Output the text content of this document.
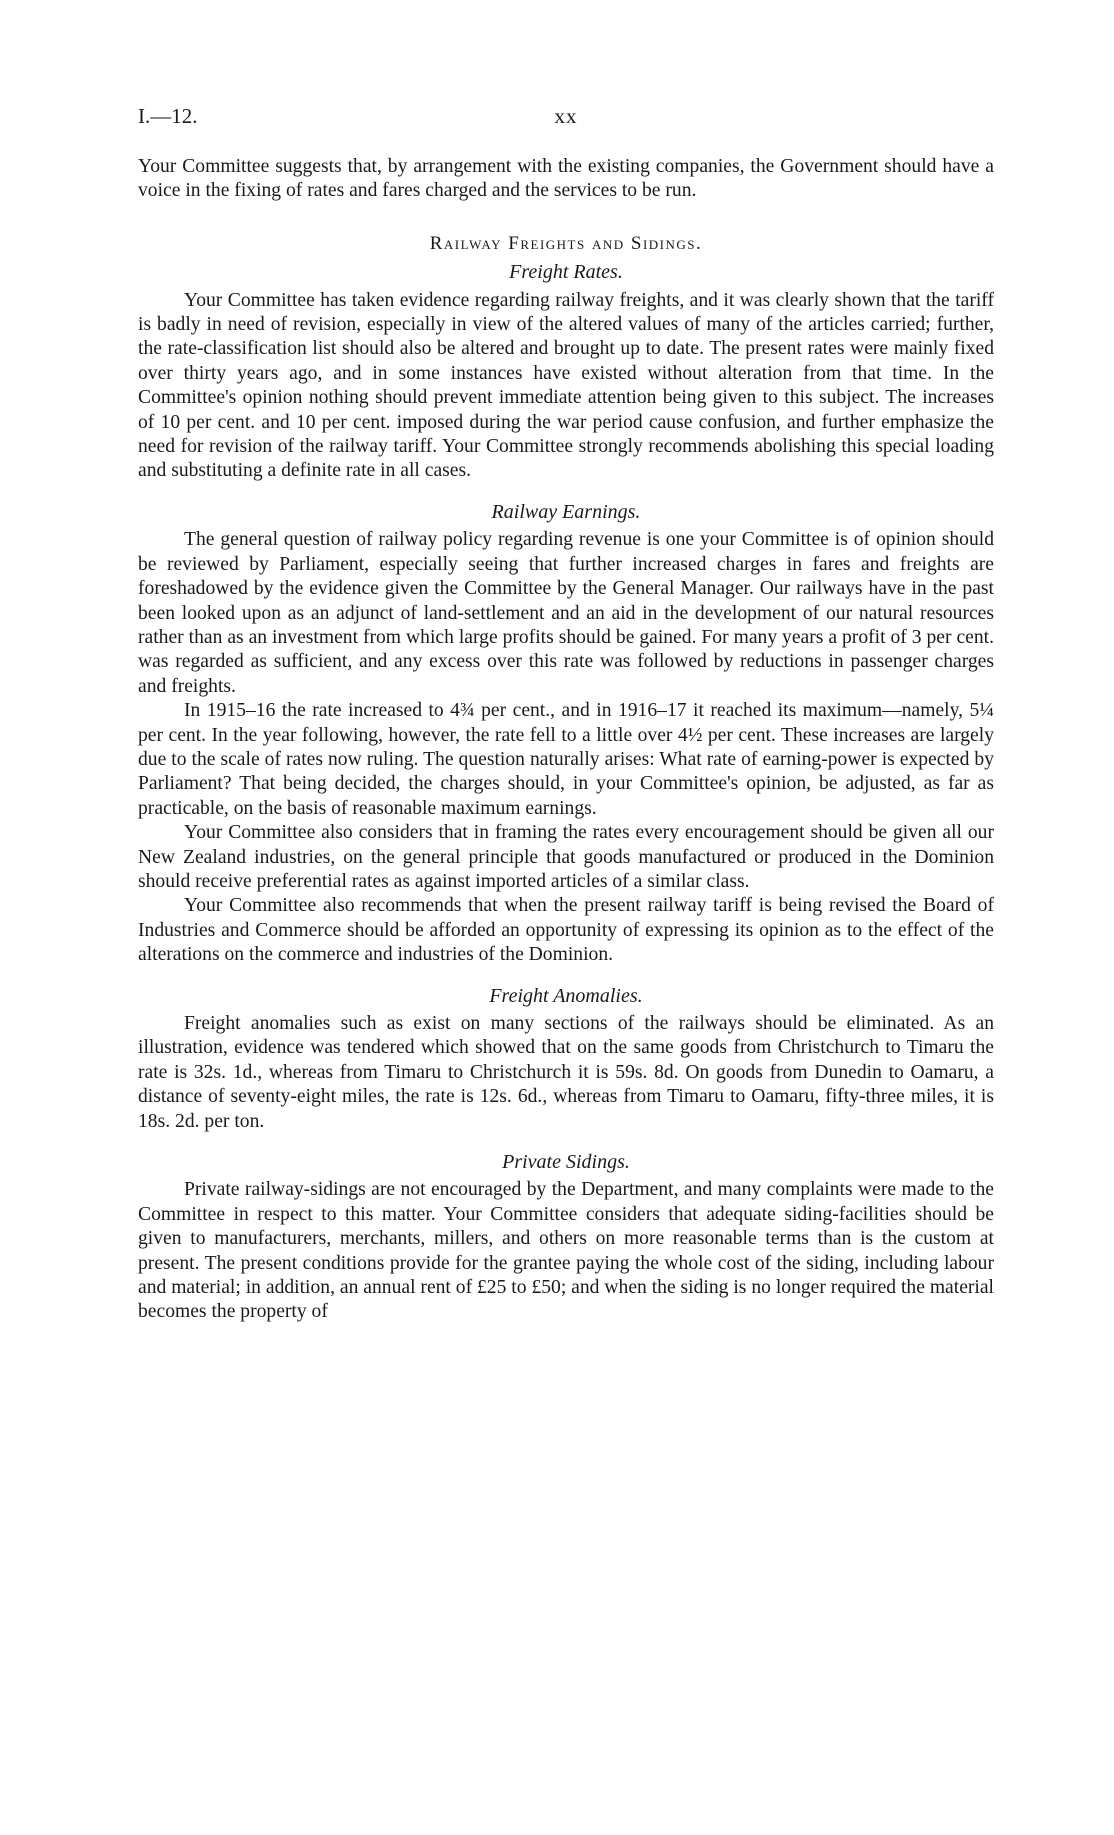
I.—12.	xx

Your Committee suggests that, by arrangement with the existing companies, the Government should have a voice in the fixing of rates and fares charged and the services to be run.

Railway Freights and Sidings.
Freight Rates.

Your Committee has taken evidence regarding railway freights, and it was clearly shown that the tariff is badly in need of revision, especially in view of the altered values of many of the articles carried; further, the rate-classification list should also be altered and brought up to date. The present rates were mainly fixed over thirty years ago, and in some instances have existed without alteration from that time. In the Committee's opinion nothing should prevent immediate attention being given to this subject. The increases of 10 per cent. and 10 per cent. imposed during the war period cause confusion, and further emphasize the need for revision of the railway tariff. Your Committee strongly recommends abolishing this special loading and substituting a definite rate in all cases.

Railway Earnings.

The general question of railway policy regarding revenue is one your Committee is of opinion should be reviewed by Parliament, especially seeing that further increased charges in fares and freights are foreshadowed by the evidence given the Committee by the General Manager. Our railways have in the past been looked upon as an adjunct of land-settlement and an aid in the development of our natural resources rather than as an investment from which large profits should be gained. For many years a profit of 3 per cent. was regarded as sufficient, and any excess over this rate was followed by reductions in passenger charges and freights.

In 1915–16 the rate increased to 4¾ per cent., and in 1916–17 it reached its maximum—namely, 5¼ per cent. In the year following, however, the rate fell to a little over 4½ per cent. These increases are largely due to the scale of rates now ruling. The question naturally arises: What rate of earning-power is expected by Parliament? That being decided, the charges should, in your Committee's opinion, be adjusted, as far as practicable, on the basis of reasonable maximum earnings.

Your Committee also considers that in framing the rates every encouragement should be given all our New Zealand industries, on the general principle that goods manufactured or produced in the Dominion should receive preferential rates as against imported articles of a similar class.

Your Committee also recommends that when the present railway tariff is being revised the Board of Industries and Commerce should be afforded an opportunity of expressing its opinion as to the effect of the alterations on the commerce and industries of the Dominion.

Freight Anomalies.

Freight anomalies such as exist on many sections of the railways should be eliminated. As an illustration, evidence was tendered which showed that on the same goods from Christchurch to Timaru the rate is 32s. 1d., whereas from Timaru to Christchurch it is 59s. 8d. On goods from Dunedin to Oamaru, a distance of seventy-eight miles, the rate is 12s. 6d., whereas from Timaru to Oamaru, fifty-three miles, it is 18s. 2d. per ton.

Private Sidings.

Private railway-sidings are not encouraged by the Department, and many complaints were made to the Committee in respect to this matter. Your Committee considers that adequate siding-facilities should be given to manufacturers, merchants, millers, and others on more reasonable terms than is the custom at present. The present conditions provide for the grantee paying the whole cost of the siding, including labour and material; in addition, an annual rent of £25 to £50; and when the siding is no longer required the material becomes the property of
